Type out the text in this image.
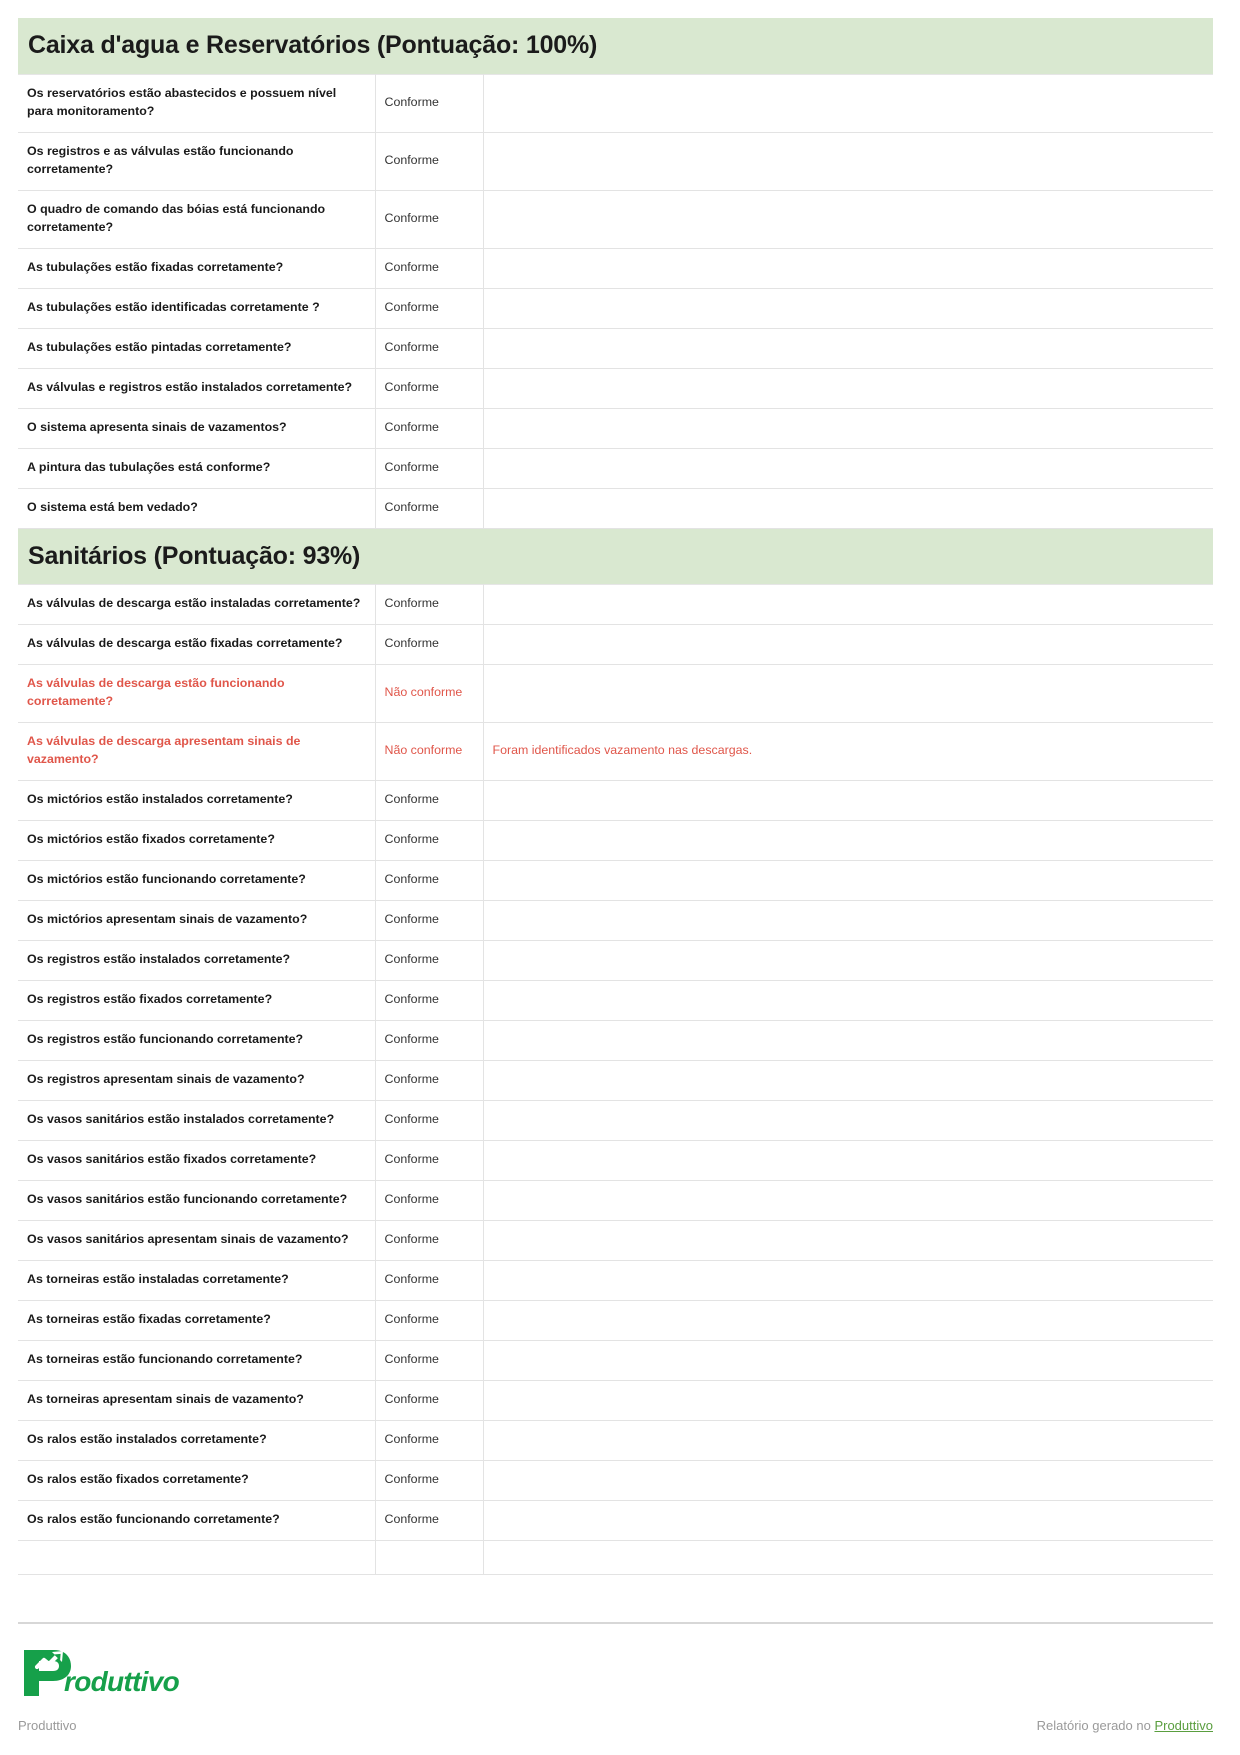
Caixa d'agua e Reservatórios (Pontuação: 100%)
Os reservatórios estão abastecidos e possuem nível para monitoramento?	Conforme	

Os registros e as válvulas estão funcionando corretamente?	Conforme	

O quadro de comando das bóias está funcionando corretamente?	Conforme	

As tubulações estão fixadas corretamente?	Conforme	

As tubulações estão identificadas corretamente ?	Conforme	

As tubulações estão pintadas corretamente?	Conforme	

As válvulas e registros estão instalados corretamente?	Conforme	

O sistema apresenta sinais de vazamentos?	Conforme	

A pintura das tubulações está conforme?	Conforme	

O sistema está bem vedado?	Conforme	

Sanitários (Pontuação: 93%)
As válvulas de descarga estão instaladas corretamente?	Conforme	

As válvulas de descarga estão fixadas corretamente?	Conforme	

As válvulas de descarga estão funcionando corretamente?	Não conforme	

As válvulas de descarga apresentam sinais de vazamento?	Não conforme	Foram identificados vazamento nas descargas.

Os mictórios estão instalados corretamente?	Conforme	

Os mictórios estão fixados corretamente?	Conforme	

Os mictórios estão funcionando corretamente?	Conforme	

Os mictórios apresentam sinais de vazamento?	Conforme	

Os registros estão instalados corretamente?	Conforme	

Os registros estão fixados corretamente?	Conforme	

Os registros estão funcionando corretamente?	Conforme	

Os registros apresentam sinais de vazamento?	Conforme	

Os vasos sanitários estão instalados corretamente?	Conforme	

Os vasos sanitários estão fixados corretamente?	Conforme	

Os vasos sanitários estão funcionando corretamente?	Conforme	

Os vasos sanitários apresentam sinais de vazamento?	Conforme	

As torneiras estão instaladas corretamente?	Conforme	

As torneiras estão fixadas corretamente?	Conforme	

As torneiras estão funcionando corretamente?	Conforme	

As torneiras apresentam sinais de vazamento?	Conforme	

Os ralos estão instalados corretamente?	Conforme	

Os ralos estão fixados corretamente?	Conforme	

Os ralos estão funcionando corretamente?	Conforme	

roduttivo
Produttivo	Relatório gerado no Produttivo
